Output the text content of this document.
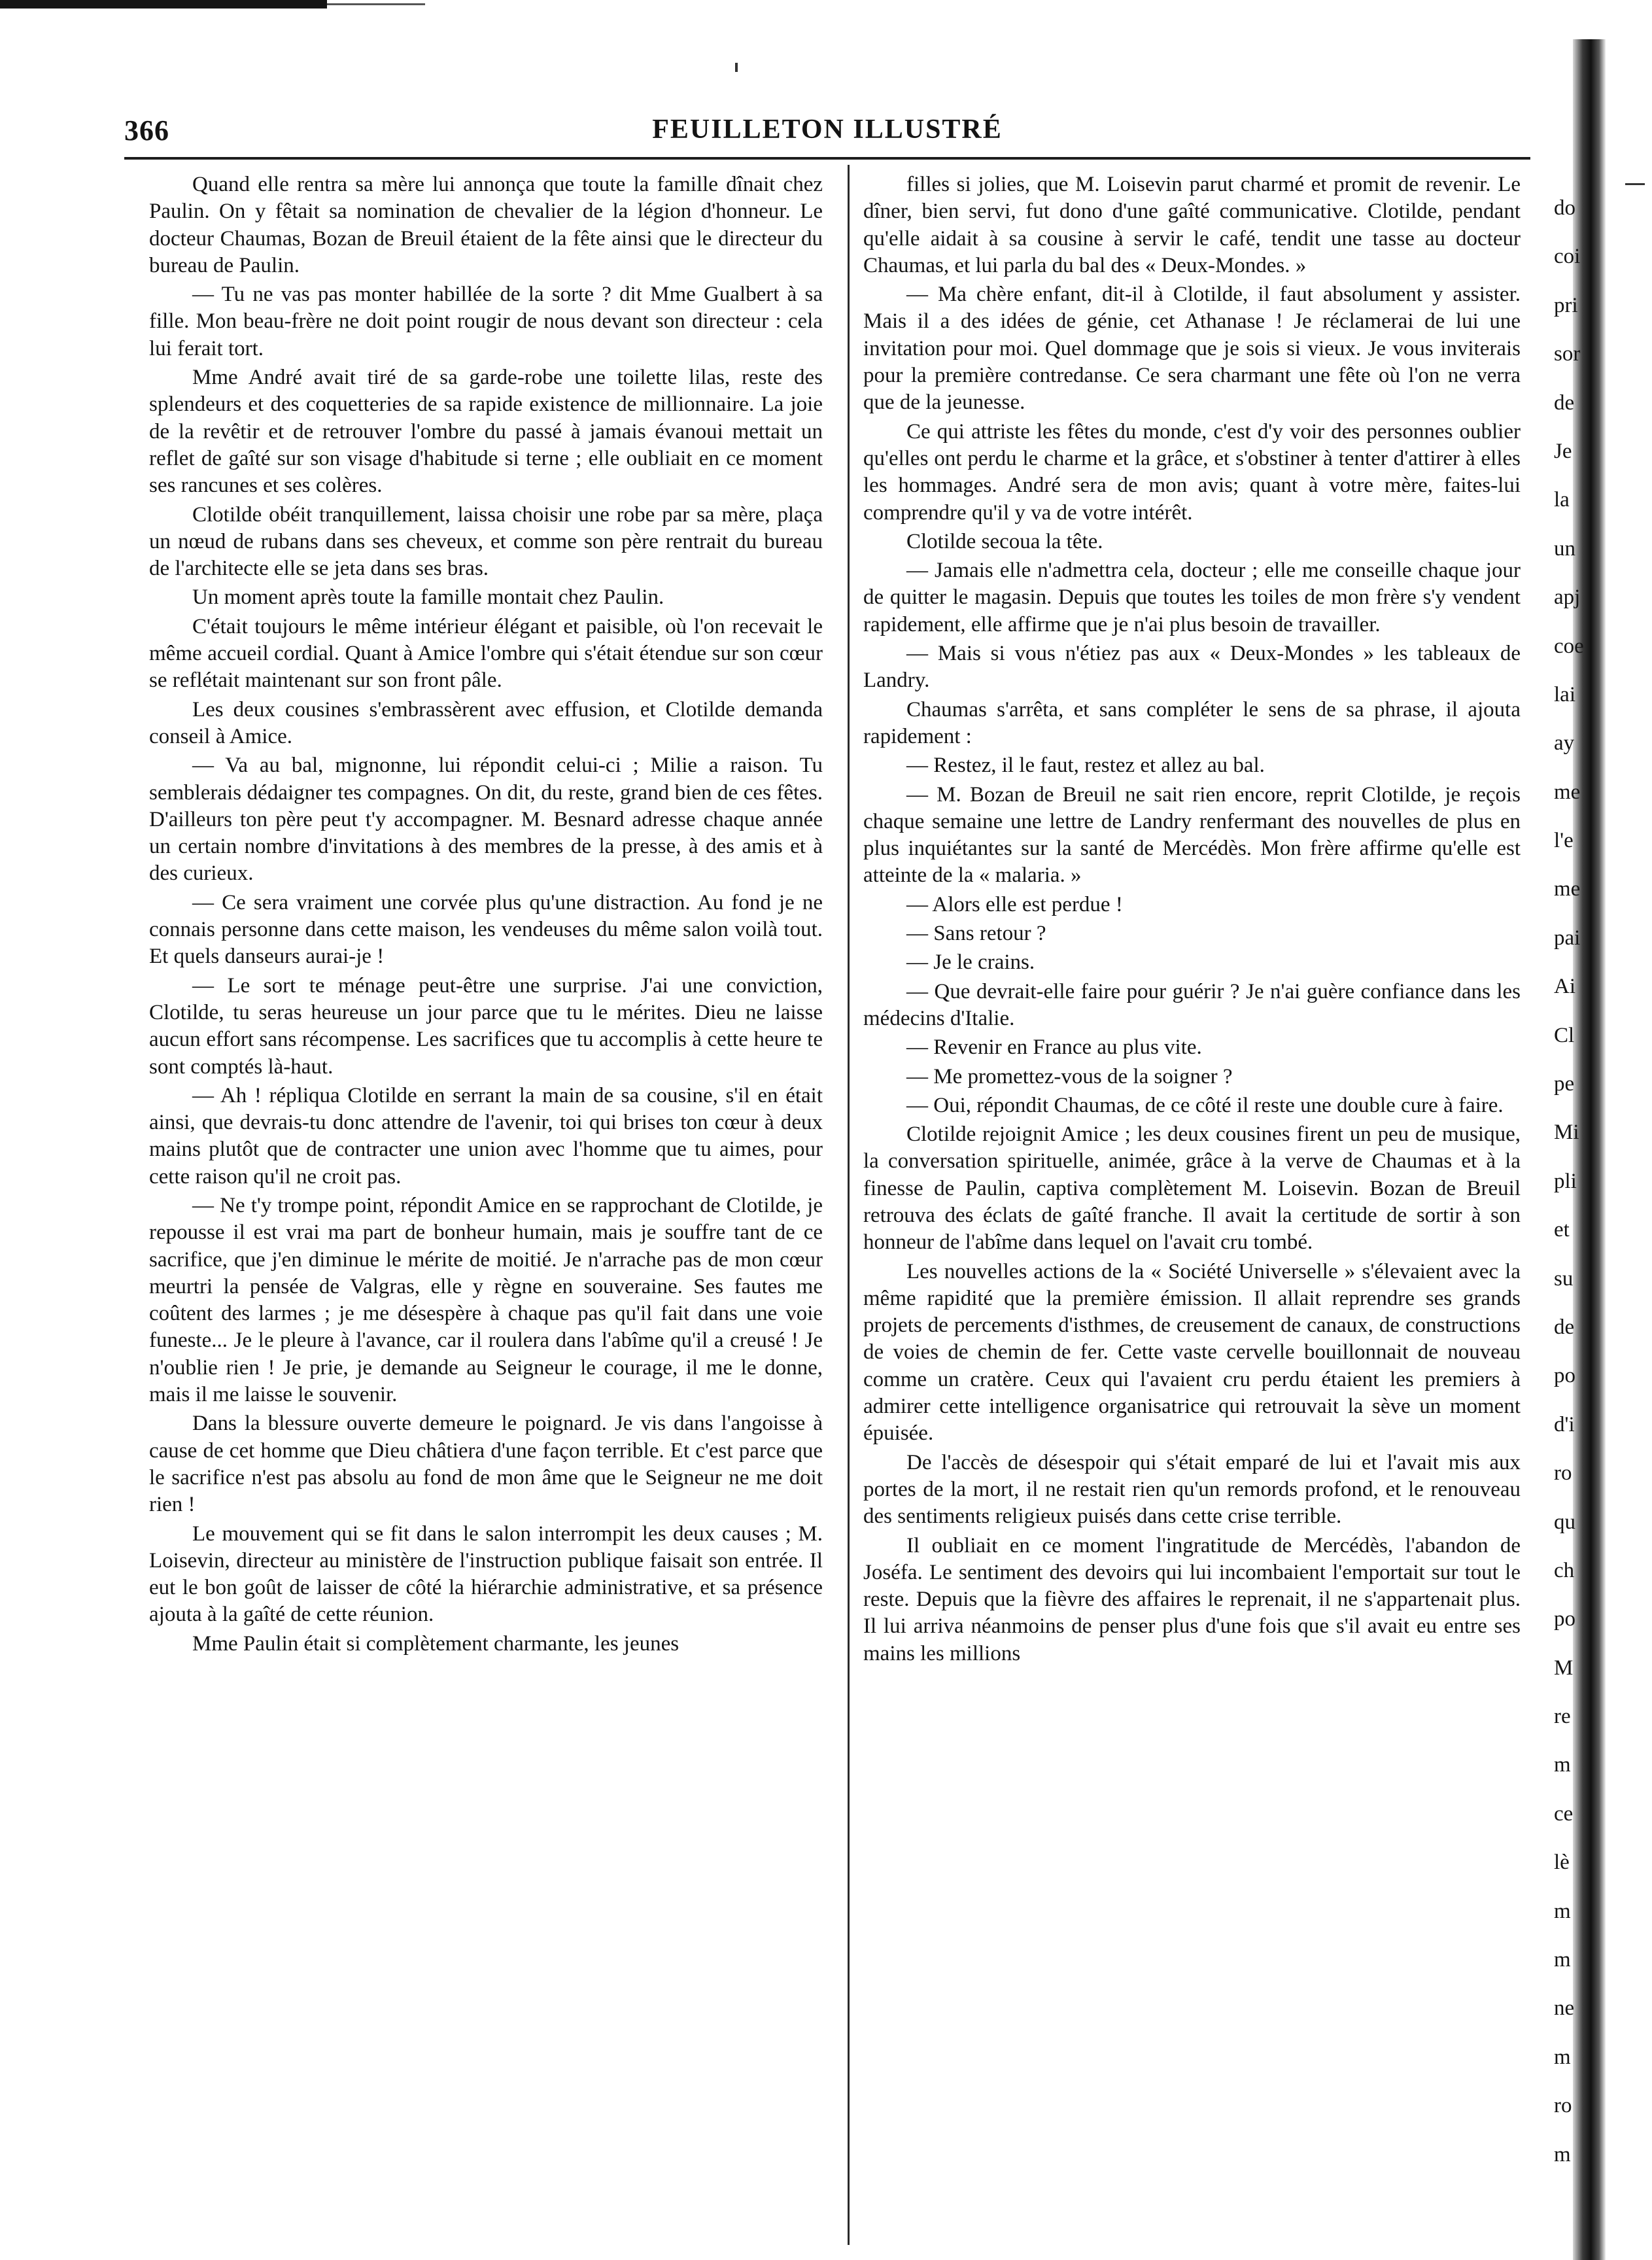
366	FEUILLETON ILLUSTRÉ

Quand elle rentra sa mère lui annonça que toute la famille dînait chez Paulin. On y fêtait sa nomination de chevalier de la légion d'honneur. Le docteur Chaumas, Bozan de Breuil étaient de la fête ainsi que le directeur du bureau de Paulin.

— Tu ne vas pas monter habillée de la sorte ? dit Mme Gualbert à sa fille. Mon beau-frère ne doit point rougir de nous devant son directeur : cela lui ferait tort.

Mme André avait tiré de sa garde-robe une toilette lilas, reste des splendeurs et des coquetteries de sa rapide existence de millionnaire. La joie de la revêtir et de retrouver l'ombre du passé à jamais évanoui mettait un reflet de gaîté sur son visage d'habitude si terne ; elle oubliait en ce moment ses rancunes et ses colères.

Clotilde obéit tranquillement, laissa choisir une robe par sa mère, plaça un nœud de rubans dans ses cheveux, et comme son père rentrait du bureau de l'architecte elle se jeta dans ses bras.

Un moment après toute la famille montait chez Paulin.

C'était toujours le même intérieur élégant et paisible, où l'on recevait le même accueil cordial. Quant à Amice l'ombre qui s'était étendue sur son cœur se reflétait maintenant sur son front pâle.

Les deux cousines s'embrassèrent avec effusion, et Clotilde demanda conseil à Amice.

— Va au bal, mignonne, lui répondit celui-ci ; Milie a raison. Tu semblerais dédaigner tes compagnes. On dit, du reste, grand bien de ces fêtes. D'ailleurs ton père peut t'y accompagner. M. Besnard adresse chaque année un certain nombre d'invitations à des membres de la presse, à des amis et à des curieux.

— Ce sera vraiment une corvée plus qu'une distraction. Au fond je ne connais personne dans cette maison, les vendeuses du même salon voilà tout. Et quels danseurs aurai-je !

— Le sort te ménage peut-être une surprise. J'ai une conviction, Clotilde, tu seras heureuse un jour parce que tu le mérites. Dieu ne laisse aucun effort sans récompense. Les sacrifices que tu accomplis à cette heure te sont comptés là-haut.

— Ah ! répliqua Clotilde en serrant la main de sa cousine, s'il en était ainsi, que devrais-tu donc attendre de l'avenir, toi qui brises ton cœur à deux mains plutôt que de contracter une union avec l'homme que tu aimes, pour cette raison qu'il ne croit pas.

— Ne t'y trompe point, répondit Amice en se rapprochant de Clotilde, je repousse il est vrai ma part de bonheur humain, mais je souffre tant de ce sacrifice, que j'en diminue le mérite de moitié. Je n'arrache pas de mon cœur meurtri la pensée de Valgras, elle y règne en souveraine. Ses fautes me coûtent des larmes ; je me désespère à chaque pas qu'il fait dans une voie funeste... Je le pleure à l'avance, car il roulera dans l'abîme qu'il a creusé ! Je n'oublie rien ! Je prie, je demande au Seigneur le courage, il me le donne, mais il me laisse le souvenir.

Dans la blessure ouverte demeure le poignard. Je vis dans l'angoisse à cause de cet homme que Dieu châtiera d'une façon terrible. Et c'est parce que le sacrifice n'est pas absolu au fond de mon âme que le Seigneur ne me doit rien !

Le mouvement qui se fit dans le salon interrompit les deux causes ; M. Loisevin, directeur au ministère de l'instruction publique faisait son entrée. Il eut le bon goût de laisser de côté la hiérarchie administrative, et sa présence ajouta à la gaîté de cette réunion.

Mme Paulin était si complètement charmante, les jeunes

filles si jolies, que M. Loisevin parut charmé et promit de revenir. Le dîner, bien servi, fut dono d'une gaîté communicative. Clotilde, pendant qu'elle aidait à sa cousine à servir le café, tendit une tasse au docteur Chaumas, et lui parla du bal des « Deux-Mondes. »

— Ma chère enfant, dit-il à Clotilde, il faut absolument y assister. Mais il a des idées de génie, cet Athanase ! Je réclamerai de lui une invitation pour moi. Quel dommage que je sois si vieux. Je vous inviterais pour la première contredanse. Ce sera charmant une fête où l'on ne verra que de la jeunesse.

Ce qui attriste les fêtes du monde, c'est d'y voir des personnes oublier qu'elles ont perdu le charme et la grâce, et s'obstiner à tenter d'attirer à elles les hommages. André sera de mon avis; quant à votre mère, faites-lui comprendre qu'il y va de votre intérêt.

Clotilde secoua la tête.

— Jamais elle n'admettra cela, docteur ; elle me conseille chaque jour de quitter le magasin. Depuis que toutes les toiles de mon frère s'y vendent rapidement, elle affirme que je n'ai plus besoin de travailler.

— Mais si vous n'étiez pas aux « Deux-Mondes » les tableaux de Landry.

Chaumas s'arrêta, et sans compléter le sens de sa phrase, il ajouta rapidement :

— Restez, il le faut, restez et allez au bal.

— M. Bozan de Breuil ne sait rien encore, reprit Clotilde, je reçois chaque semaine une lettre de Landry renfermant des nouvelles de plus en plus inquiétantes sur la santé de Mercédès. Mon frère affirme qu'elle est atteinte de la « malaria. »

— Alors elle est perdue !

— Sans retour ?

— Je le crains.

— Que devrait-elle faire pour guérir ? Je n'ai guère confiance dans les médecins d'Italie.

— Revenir en France au plus vite.

— Me promettez-vous de la soigner ?

— Oui, répondit Chaumas, de ce côté il reste une double cure à faire.

Clotilde rejoignit Amice ; les deux cousines firent un peu de musique, la conversation spirituelle, animée, grâce à la verve de Chaumas et à la finesse de Paulin, captiva complètement M. Loisevin. Bozan de Breuil retrouva des éclats de gaîté franche. Il avait la certitude de sortir à son honneur de l'abîme dans lequel on l'avait cru tombé.

Les nouvelles actions de la « Société Universelle » s'élevaient avec la même rapidité que la première émission. Il allait reprendre ses grands projets de percements d'isthmes, de creusement de canaux, de constructions de voies de chemin de fer. Cette vaste cervelle bouillonnait de nouveau comme un cratère. Ceux qui l'avaient cru perdu étaient les premiers à admirer cette intelligence organisatrice qui retrouvait la sève un moment épuisée.

De l'accès de désespoir qui s'était emparé de lui et l'avait mis aux portes de la mort, il ne restait rien qu'un remords profond, et le renouveau des sentiments religieux puisés dans cette crise terrible.

Il oubliait en ce moment l'ingratitude de Mercédès, l'abandon de Joséfa. Le sentiment des devoirs qui lui incombaient l'emportait sur tout le reste. Depuis que la fièvre des affaires le reprenait, il ne s'appartenait plus. Il lui arriva néanmoins de penser plus d'une fois que s'il avait eu entre ses mains les millions

do
coi
pri
sor
de
Je
la
un
apj
coe
lai
ay
me
l'e
me
pai
Ai
Cl
pe
Mi
pli
et
su
de
po
d'i
ro
qu
ch
po
M
re
m
ce
lè
m
m
ne
m
ro
m
